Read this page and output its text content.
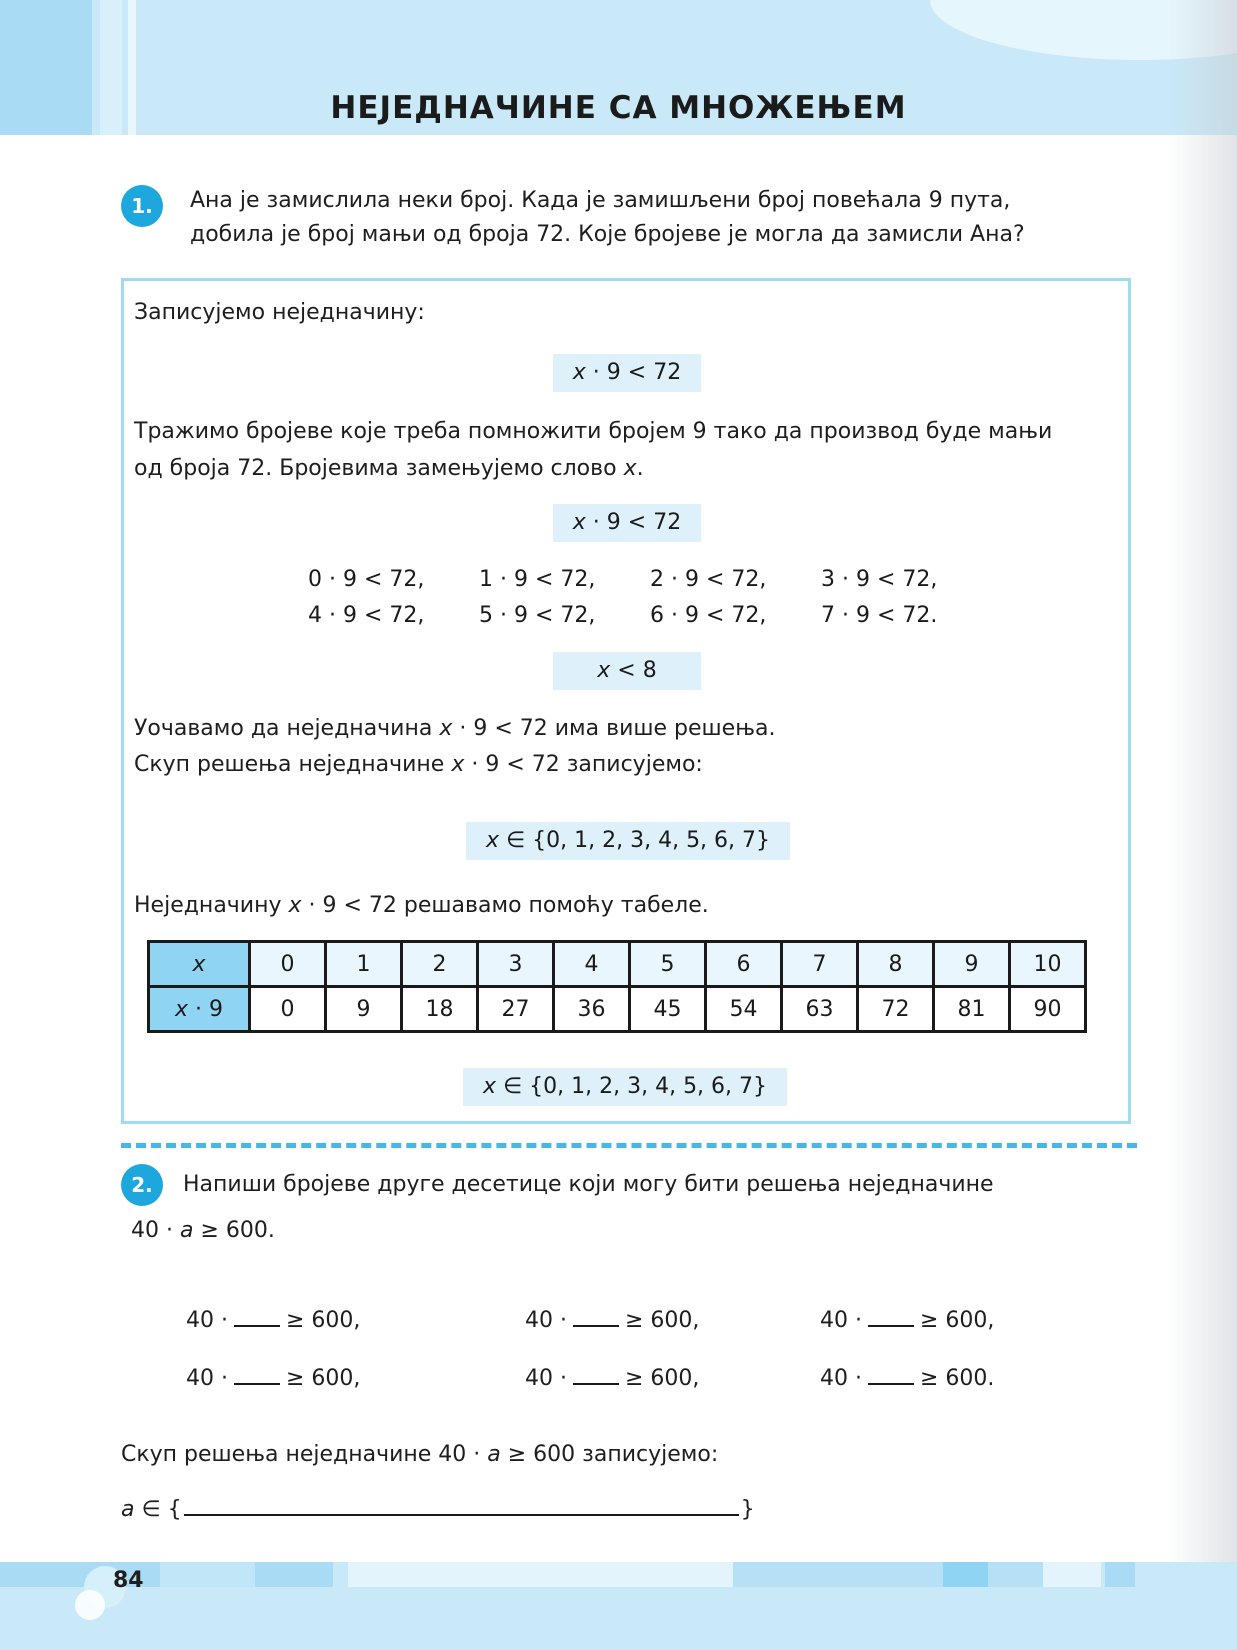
НЕЈЕДНАЧИНЕ СА МНОЖЕЊЕМ
1.	Ана је замислила неки број. Када је замишљени број повећала 9 пута,
добила је број мањи од броја 72. Које бројеве је могла да замисли Ана?
Записујемо неједначину:
x · 9 < 72
Тражимо бројеве које треба помножити бројем 9 тако да производ буде мањи
од броја 72. Бројевима замењујемо слово x.
x · 9 < 72
0 · 9 < 72, 1 · 9 < 72, 2 · 9 < 72, 3 · 9 < 72,
4 · 9 < 72, 5 · 9 < 72, 6 · 9 < 72, 7 · 9 < 72.
x < 8
Уочавамо да неједначина x · 9 < 72 има више решења.
Скуп решења неједначине x · 9 < 72 записујемо:
x ∈ {0, 1, 2, 3, 4, 5, 6, 7}
Неједначину x · 9 < 72 решавамо помоћу табеле.
x	0	1	2	3	4	5	6	7	8	9	10
x · 9	0	9	18	27	36	45	54	63	72	81	90
x ∈ {0, 1, 2, 3, 4, 5, 6, 7}
2.	Напиши бројеве друге десетице који могу бити решења неједначине
40 · a ≥ 600.
40 ·	≥ 600,	40 ·	≥ 600,	40 ·	≥ 600,
40 ·	≥ 600,	40 ·	≥ 600,	40 ·	≥ 600.
Скуп решења неједначине 40 · a ≥ 600 записујемо:
a ∈ {	}
84
